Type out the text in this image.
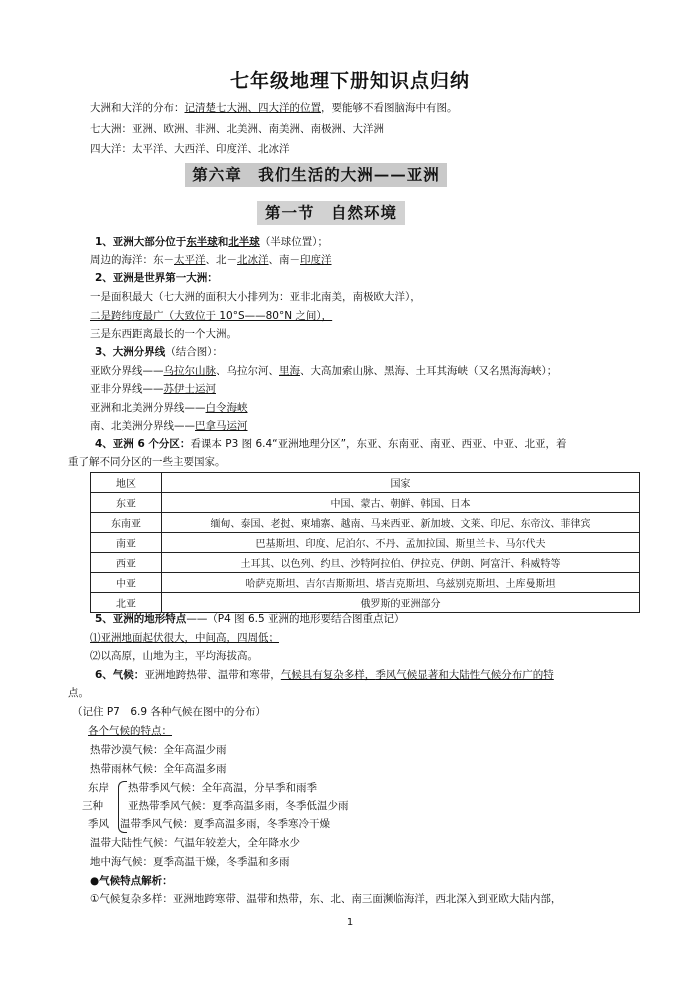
七年级地理下册知识点归纳
大洲和大洋的分布：记清楚七大洲、四大洋的位置，要能够不看图脑海中有图。
七大洲：亚洲、欧洲、非洲、北美洲、南美洲、南极洲、大洋洲
四大洋：太平洋、大西洋、印度洋、北冰洋
第六章　我们生活的大洲——亚洲
第一节　自然环境
1、亚洲大部分位于东半球和北半球（半球位置）；
周边的海洋：东－太平洋、北－北冰洋、南－印度洋
2、亚洲是世界第一大洲：
一是面积最大（七大洲的面积大小排列为：亚非北南美，南极欧大洋），
二是跨纬度最广（大致位于 10°S——80°N 之间），
三是东西距离最长的一个大洲。
3、大洲分界线（结合图）：
亚欧分界线——乌拉尔山脉、乌拉尔河、里海、大高加索山脉、黑海、土耳其海峡（又名黑海海峡）；
亚非分界线——苏伊士运河
亚洲和北美洲分界线——白令海峡
南、北美洲分界线——巴拿马运河
4、亚洲 6 个分区：看课本 P3 图 6.4“亚洲地理分区”，东亚、东南亚、南亚、西亚、中亚、北亚，着
重了解不同分区的一些主要国家。
地区	国家
东亚	中国、蒙古、朝鲜、韩国、日本
东南亚	缅甸、泰国、老挝、柬埔寨、越南、马来西亚、新加坡、文莱、印尼、东帝汶、菲律宾
南亚	巴基斯坦、印度、尼泊尔、不丹、孟加拉国、斯里兰卡、马尔代夫
西亚	土耳其、以色列、约旦、沙特阿拉伯、伊拉克、伊朗、阿富汗、科威特等
中亚	哈萨克斯坦、吉尔吉斯斯坦、塔吉克斯坦、乌兹别克斯坦、土库曼斯坦
北亚	俄罗斯的亚洲部分
5、亚洲的地形特点——（P4 图 6.5 亚洲的地形要结合图重点记）
⑴亚洲地面起伏很大，中间高，四周低；
⑵以高原，山地为主，平均海拔高。
6、气候：亚洲地跨热带、温带和寒带，气候具有复杂多样，季风气候显著和大陆性气候分布广的特
点。
（记住 P7　6.9 各种气候在图中的分布）
各个气候的特点：
热带沙漠气候：全年高温少雨
热带雨林气候：全年高温多雨
东岸
三种
季风
热带季风气候：全年高温，分旱季和雨季
亚热带季风气候：夏季高温多雨，冬季低温少雨
温带季风气候：夏季高温多雨，冬季寒冷干燥
温带大陆性气候：气温年较差大，全年降水少
地中海气候：夏季高温干燥，冬季温和多雨
●气候特点解析：
①气候复杂多样：亚洲地跨寒带、温带和热带，东、北、南三面濒临海洋，西北深入到亚欧大陆内部，
1
